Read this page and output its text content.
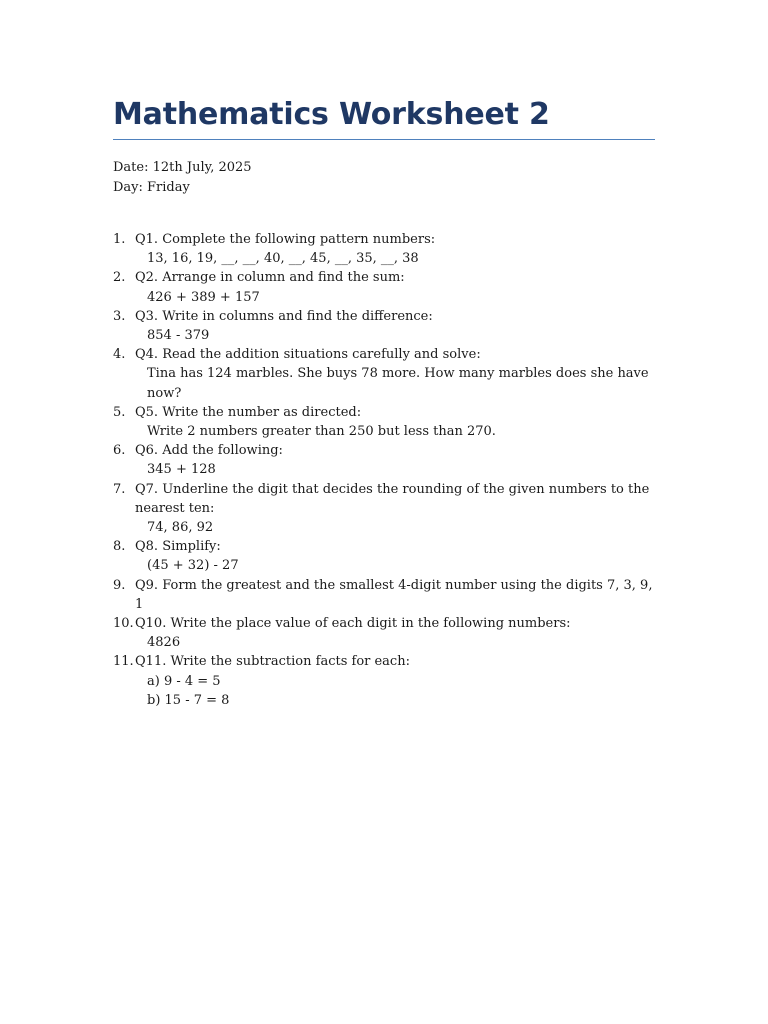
Mathematics Worksheet 2
Date: 12th July, 2025
Day: Friday
1. Q1. Complete the following pattern numbers:
13, 16, 19, __, __, 40, __, 45, __, 35, __, 38
2. Q2. Arrange in column and find the sum:
426 + 389 + 157
3. Q3. Write in columns and find the difference:
854 - 379
4. Q4. Read the addition situations carefully and solve:
Tina has 124 marbles. She buys 78 more. How many marbles does she have now?
5. Q5. Write the number as directed:
Write 2 numbers greater than 250 but less than 270.
6. Q6. Add the following:
345 + 128
7. Q7. Underline the digit that decides the rounding of the given numbers to the nearest ten:
74, 86, 92
8. Q8. Simplify:
(45 + 32) - 27
9. Q9. Form the greatest and the smallest 4-digit number using the digits 7, 3, 9, 1
10. Q10. Write the place value of each digit in the following numbers:
4826
11. Q11. Write the subtraction facts for each:
a) 9 - 4 = 5
b) 15 - 7 = 8
